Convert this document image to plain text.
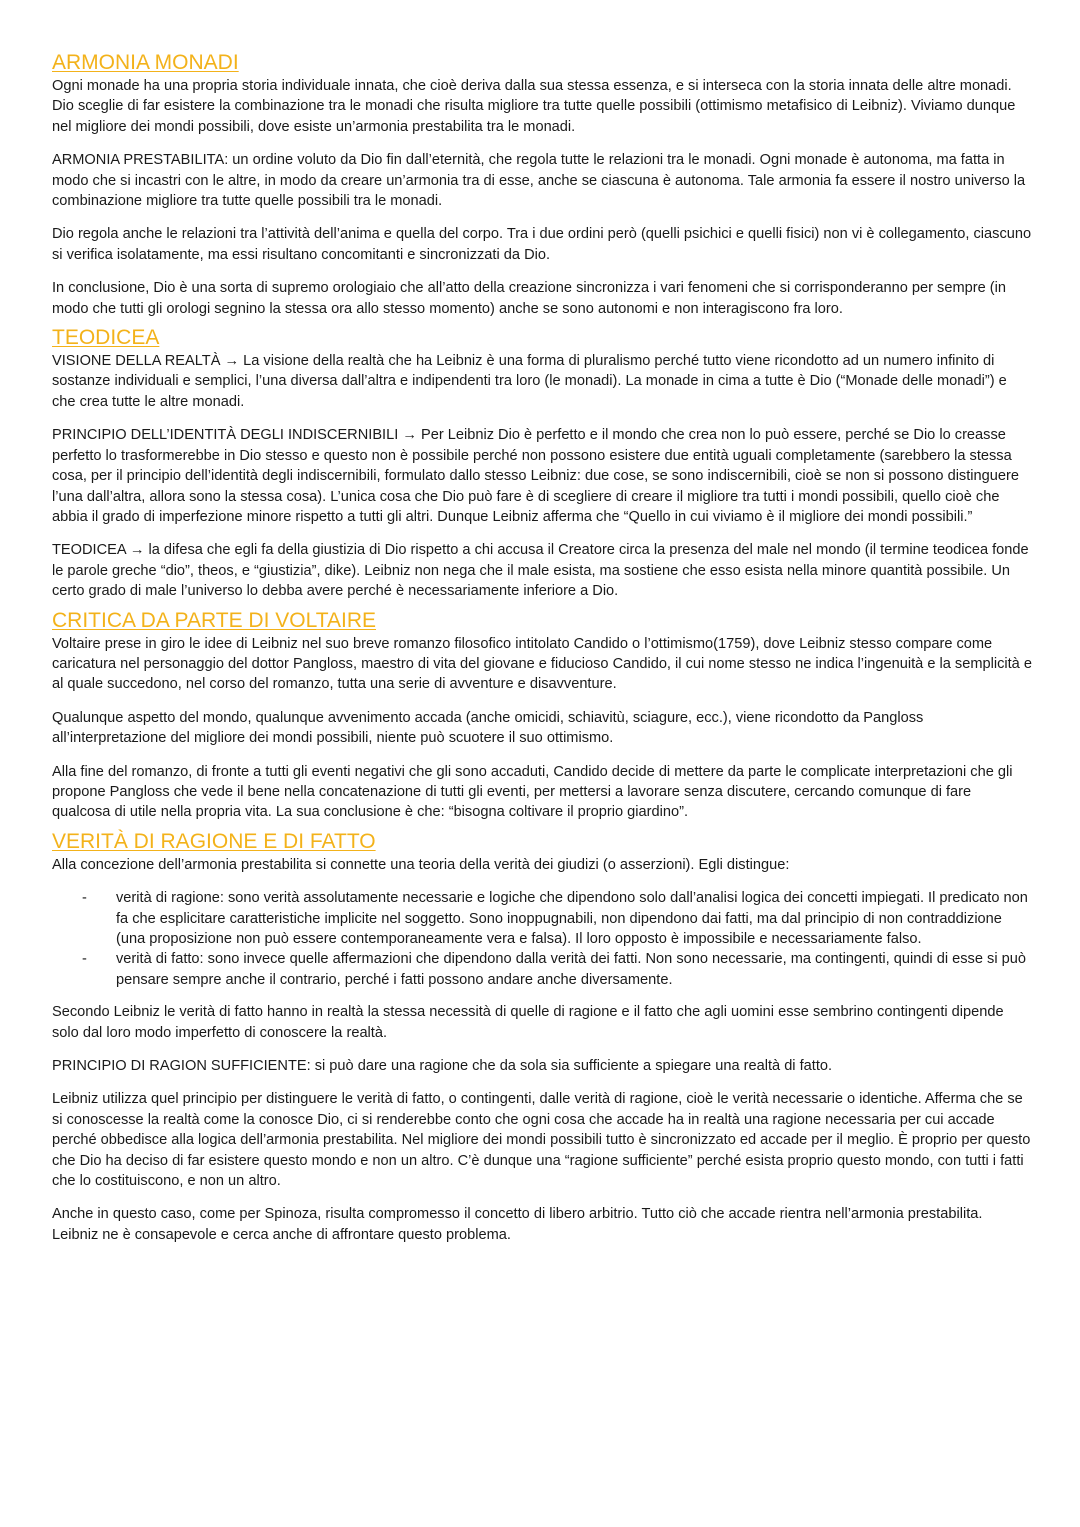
ARMONIA MONADI

Ogni monade ha una propria storia individuale innata, che cioè deriva dalla sua stessa essenza, e si interseca con la storia innata delle altre monadi. Dio sceglie di far esistere la combinazione tra le monadi che risulta migliore tra tutte quelle possibili (ottimismo metafisico di Leibniz). Viviamo dunque nel migliore dei mondi possibili, dove esiste un’armonia prestabilita tra le monadi.

ARMONIA PRESTABILITA: un ordine voluto da Dio fin dall’eternità, che regola tutte le relazioni tra le monadi. Ogni monade è autonoma, ma fatta in modo che si incastri con le altre, in modo da creare un’armonia tra di esse, anche se ciascuna è autonoma. Tale armonia fa essere il nostro universo la combinazione migliore tra tutte quelle possibili tra le monadi.

Dio regola anche le relazioni tra l’attività dell’anima e quella del corpo. Tra i due ordini però (quelli psichici e quelli fisici) non vi è collegamento, ciascuno si verifica isolatamente, ma essi risultano concomitanti e sincronizzati da Dio.

In conclusione, Dio è una sorta di supremo orologiaio che all’atto della creazione sincronizza i vari fenomeni che si corrisponderanno per sempre (in modo che tutti gli orologi segnino la stessa ora allo stesso momento) anche se sono autonomi e non interagiscono fra loro.

TEODICEA

VISIONE DELLA REALTÀ → La visione della realtà che ha Leibniz è una forma di pluralismo perché tutto viene ricondotto ad un numero infinito di sostanze individuali e semplici, l’una diversa dall’altra e indipendenti tra loro (le monadi). La monade in cima a tutte è Dio (“Monade delle monadi”) e che crea tutte le altre monadi.

PRINCIPIO DELL’IDENTITÀ DEGLI INDISCERNIBILI → Per Leibniz Dio è perfetto e il mondo che crea non lo può essere, perché se Dio lo creasse perfetto lo trasformerebbe in Dio stesso e questo non è possibile perché non possono esistere due entità uguali completamente (sarebbero la stessa cosa, per il principio dell’identità degli indiscernibili, formulato dallo stesso Leibniz: due cose, se sono indiscernibili, cioè se non si possono distinguere l’una dall’altra, allora sono la stessa cosa). L’unica cosa che Dio può fare è di scegliere di creare il migliore tra tutti i mondi possibili, quello cioè che abbia il grado di imperfezione minore rispetto a tutti gli altri. Dunque Leibniz afferma che “Quello in cui viviamo è il migliore dei mondi possibili.”

TEODICEA → la difesa che egli fa della giustizia di Dio rispetto a chi accusa il Creatore circa la presenza del male nel mondo (il termine teodicea fonde le parole greche “dio”, theos, e “giustizia”, dike). Leibniz non nega che il male esista, ma sostiene che esso esista nella minore quantità possibile. Un certo grado di male l’universo lo debba avere perché è necessariamente inferiore a Dio.

CRITICA DA PARTE DI VOLTAIRE

Voltaire prese in giro le idee di Leibniz nel suo breve romanzo filosofico intitolato Candido o l’ottimismo(1759), dove Leibniz stesso compare come caricatura nel personaggio del dottor Pangloss, maestro di vita del giovane e fiducioso Candido, il cui nome stesso ne indica l’ingenuità e la semplicità e al quale succedono, nel corso del romanzo, tutta una serie di avventure e disavventure.

Qualunque aspetto del mondo, qualunque avvenimento accada (anche omicidi, schiavitù, sciagure, ecc.), viene ricondotto da Pangloss all’interpretazione del migliore dei mondi possibili, niente può scuotere il suo ottimismo.

Alla fine del romanzo, di fronte a tutti gli eventi negativi che gli sono accaduti, Candido decide di mettere da parte le complicate interpretazioni che gli propone Pangloss che vede il bene nella concatenazione di tutti gli eventi, per mettersi a lavorare senza discutere, cercando comunque di fare qualcosa di utile nella propria vita. La sua conclusione è che: “bisogna coltivare il proprio giardino”.

VERITÀ DI RAGIONE E DI FATTO

Alla concezione dell’armonia prestabilita si connette una teoria della verità dei giudizi (o asserzioni). Egli distingue:

- verità di ragione: sono verità assolutamente necessarie e logiche che dipendono solo dall’analisi logica dei concetti impiegati. Il predicato non fa che esplicitare caratteristiche implicite nel soggetto. Sono inoppugnabili, non dipendono dai fatti, ma dal principio di non contraddizione (una proposizione non può essere contemporaneamente vera e falsa). Il loro opposto è impossibile e necessariamente falso.
- verità di fatto: sono invece quelle affermazioni che dipendono dalla verità dei fatti. Non sono necessarie, ma contingenti, quindi di esse si può pensare sempre anche il contrario, perché i fatti possono andare anche diversamente.

Secondo Leibniz le verità di fatto hanno in realtà la stessa necessità di quelle di ragione e il fatto che agli uomini esse sembrino contingenti dipende solo dal loro modo imperfetto di conoscere la realtà.

PRINCIPIO DI RAGION SUFFICIENTE: si può dare una ragione che da sola sia sufficiente a spiegare una realtà di fatto.

Leibniz utilizza quel principio per distinguere le verità di fatto, o contingenti, dalle verità di ragione, cioè le verità necessarie o identiche. Afferma che se si conoscesse la realtà come la conosce Dio, ci si renderebbe conto che ogni cosa che accade ha in realtà una ragione necessaria per cui accade perché obbedisce alla logica dell’armonia prestabilita. Nel migliore dei mondi possibili tutto è sincronizzato ed accade per il meglio. È proprio per questo che Dio ha deciso di far esistere questo mondo e non un altro. C’è dunque una “ragione sufficiente” perché esista proprio questo mondo, con tutti i fatti che lo costituiscono, e non un altro.

Anche in questo caso, come per Spinoza, risulta compromesso il concetto di libero arbitrio. Tutto ciò che accade rientra nell’armonia prestabilita. Leibniz ne è consapevole e cerca anche di affrontare questo problema.
